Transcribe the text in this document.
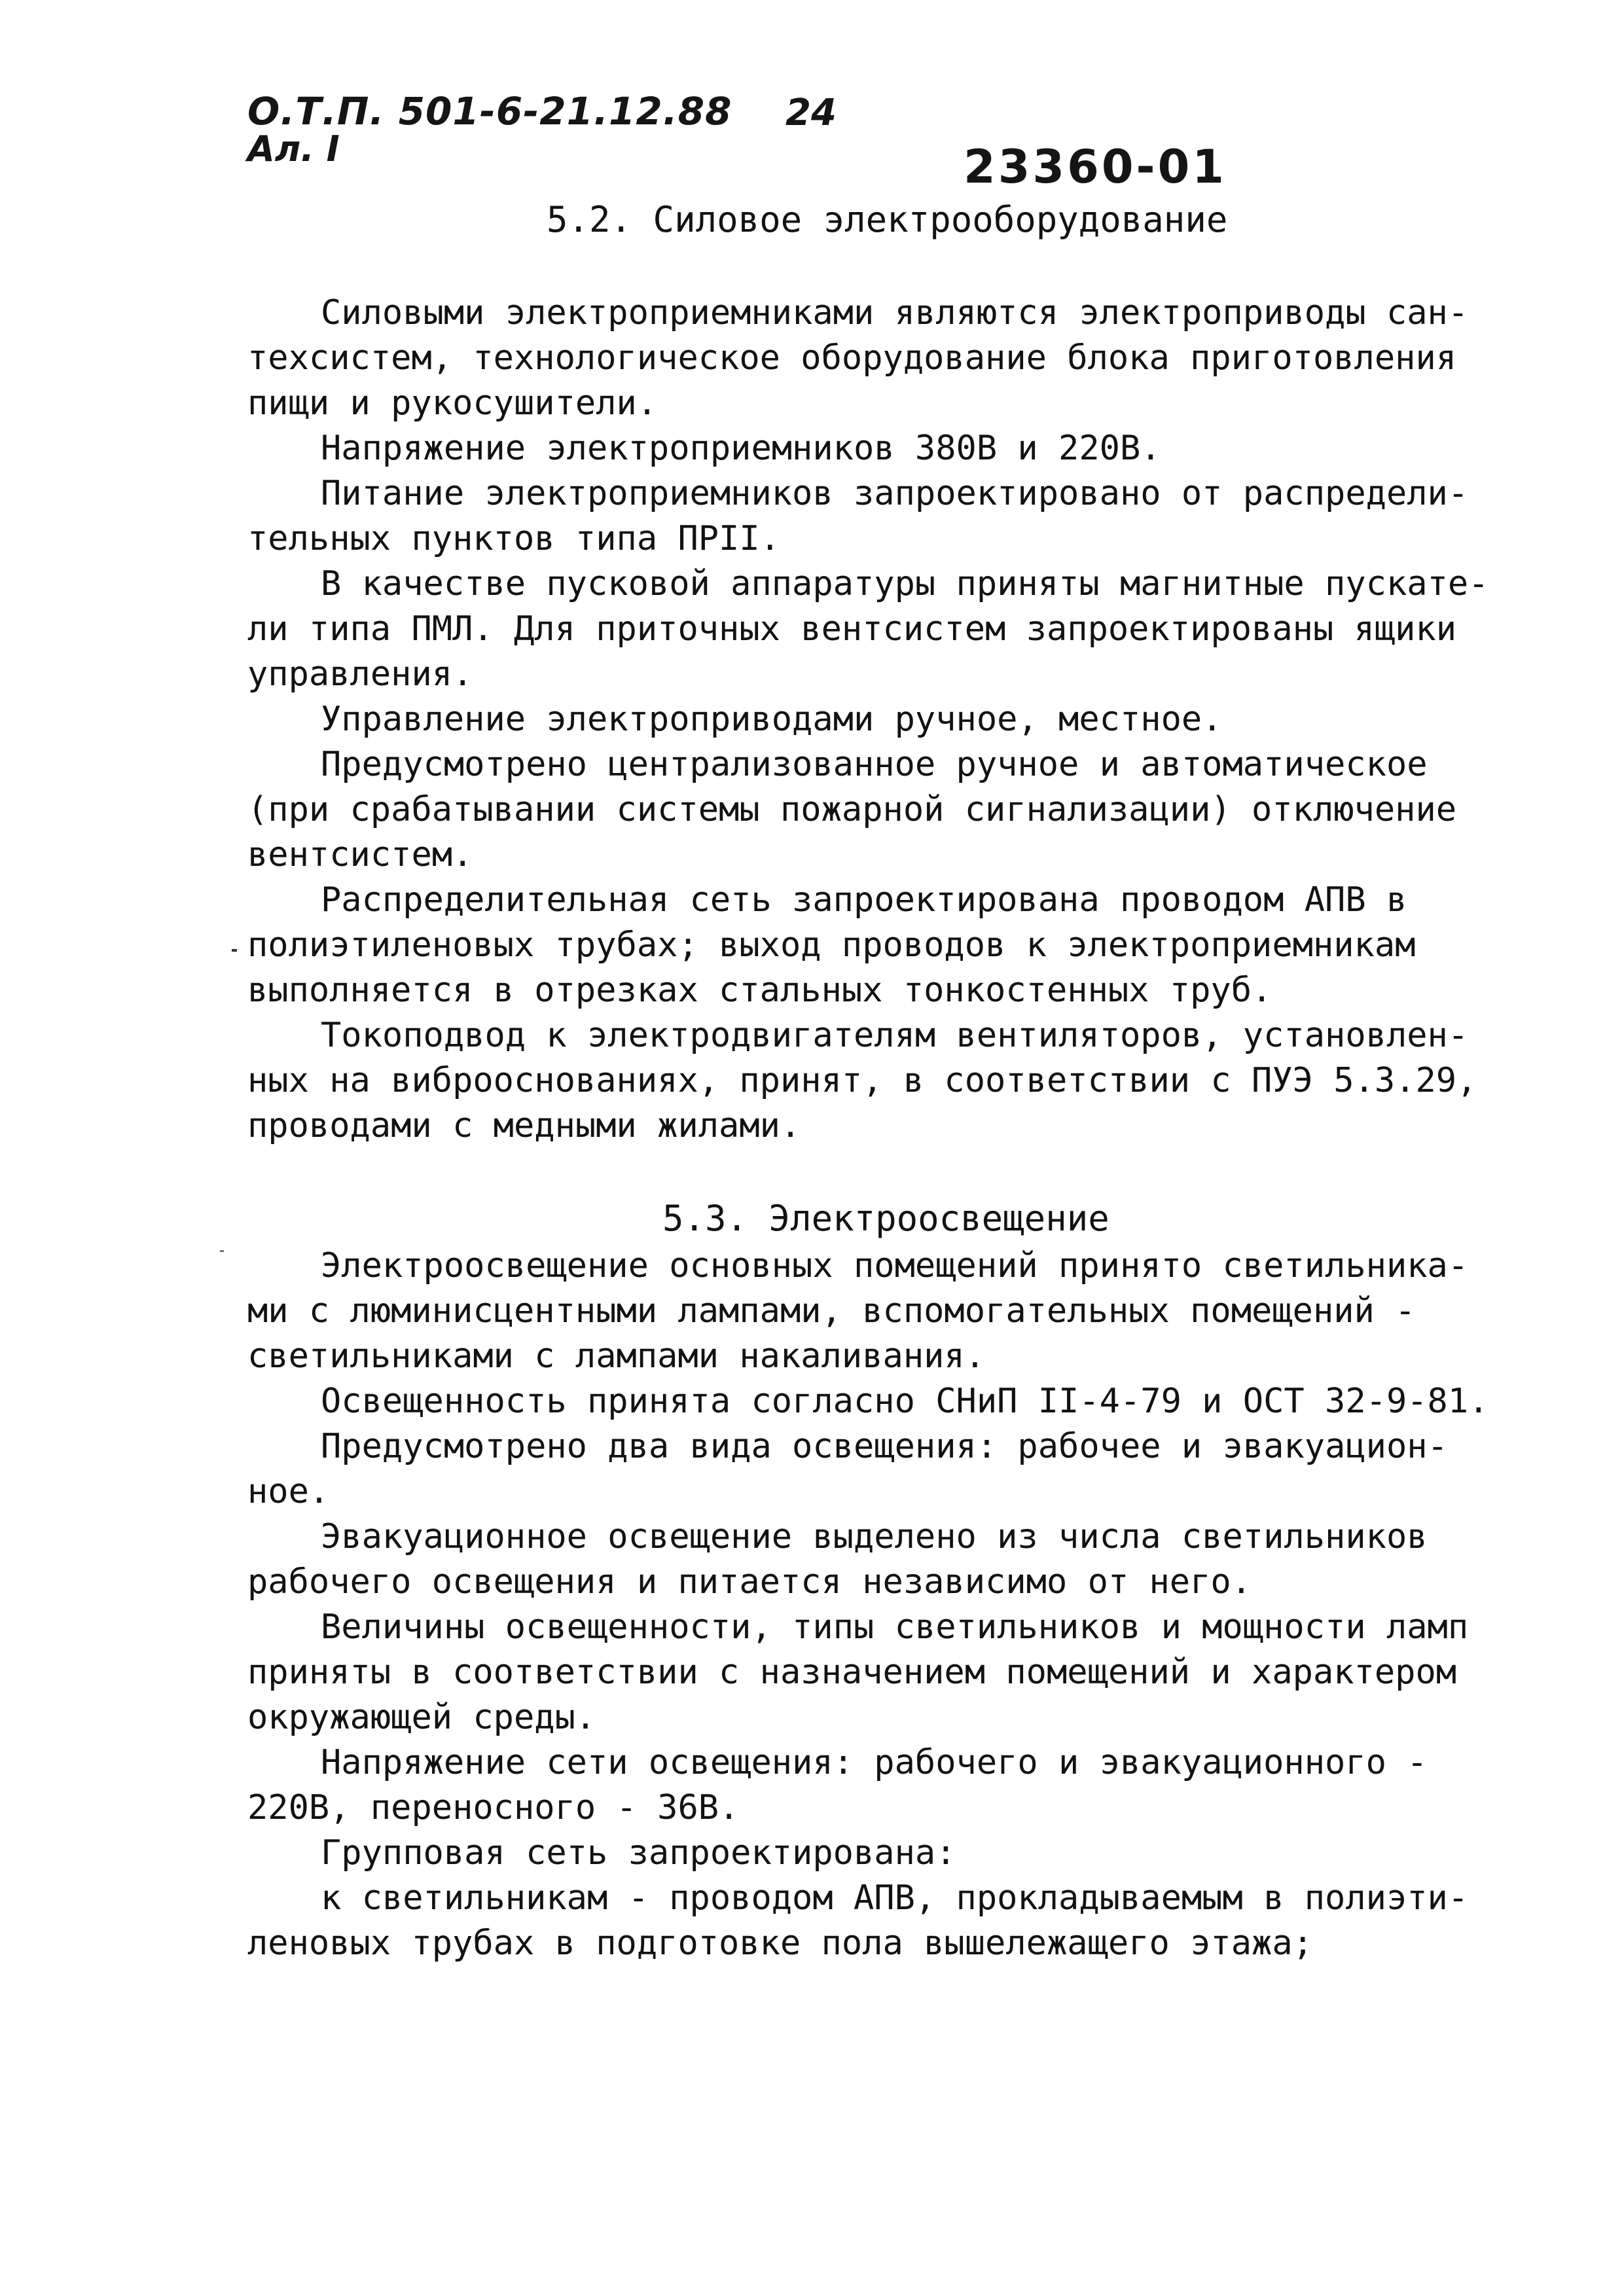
О.Т.П. 501-6-21.12.88
Ал. I
24
23360-01
5.2. Силовое электрооборудование
Силовыми электроприемниками являются электроприводы сан-
техсистем, технологическое оборудование блока приготовления
пищи и рукосушители.
Напряжение электроприемников 380В и 220В.
Питание электроприемников запроектировано от распредели-
тельных пунктов типа ПРII.
В качестве пусковой аппаратуры приняты магнитные пускате-
ли типа ПМЛ. Для приточных вентсистем запроектированы ящики
управления.
Управление электроприводами ручное, местное.
Предусмотрено централизованное ручное и автоматическое
(при срабатывании системы пожарной сигнализации) отключение
вентсистем.
Распределительная сеть запроектирована проводом АПВ в
полиэтиленовых трубах; выход проводов к электроприемникам
выполняется в отрезках стальных тонкостенных труб.
Токоподвод к электродвигателям вентиляторов, установлен-
ных на виброоснованиях, принят, в соответствии с ПУЭ 5.3.29,
проводами с медными жилами.
5.3. Электроосвещение
Электроосвещение основных помещений принято светильника-
ми с люминисцентными лампами, вспомогательных помещений -
светильниками с лампами накаливания.
Освещенность принята согласно СНиП II-4-79 и ОСТ 32-9-81.
Предусмотрено два вида освещения: рабочее и эвакуацион-
ное.
Эвакуационное освещение выделено из числа светильников
рабочего освещения и питается независимо от него.
Величины освещенности, типы светильников и мощности ламп
приняты в соответствии с назначением помещений и характером
окружающей среды.
Напряжение сети освещения: рабочего и эвакуационного -
220В, переносного - 36В.
Групповая сеть запроектирована:
к светильникам - проводом АПВ, прокладываемым в полиэти-
леновых трубах в подготовке пола вышележащего этажа;
